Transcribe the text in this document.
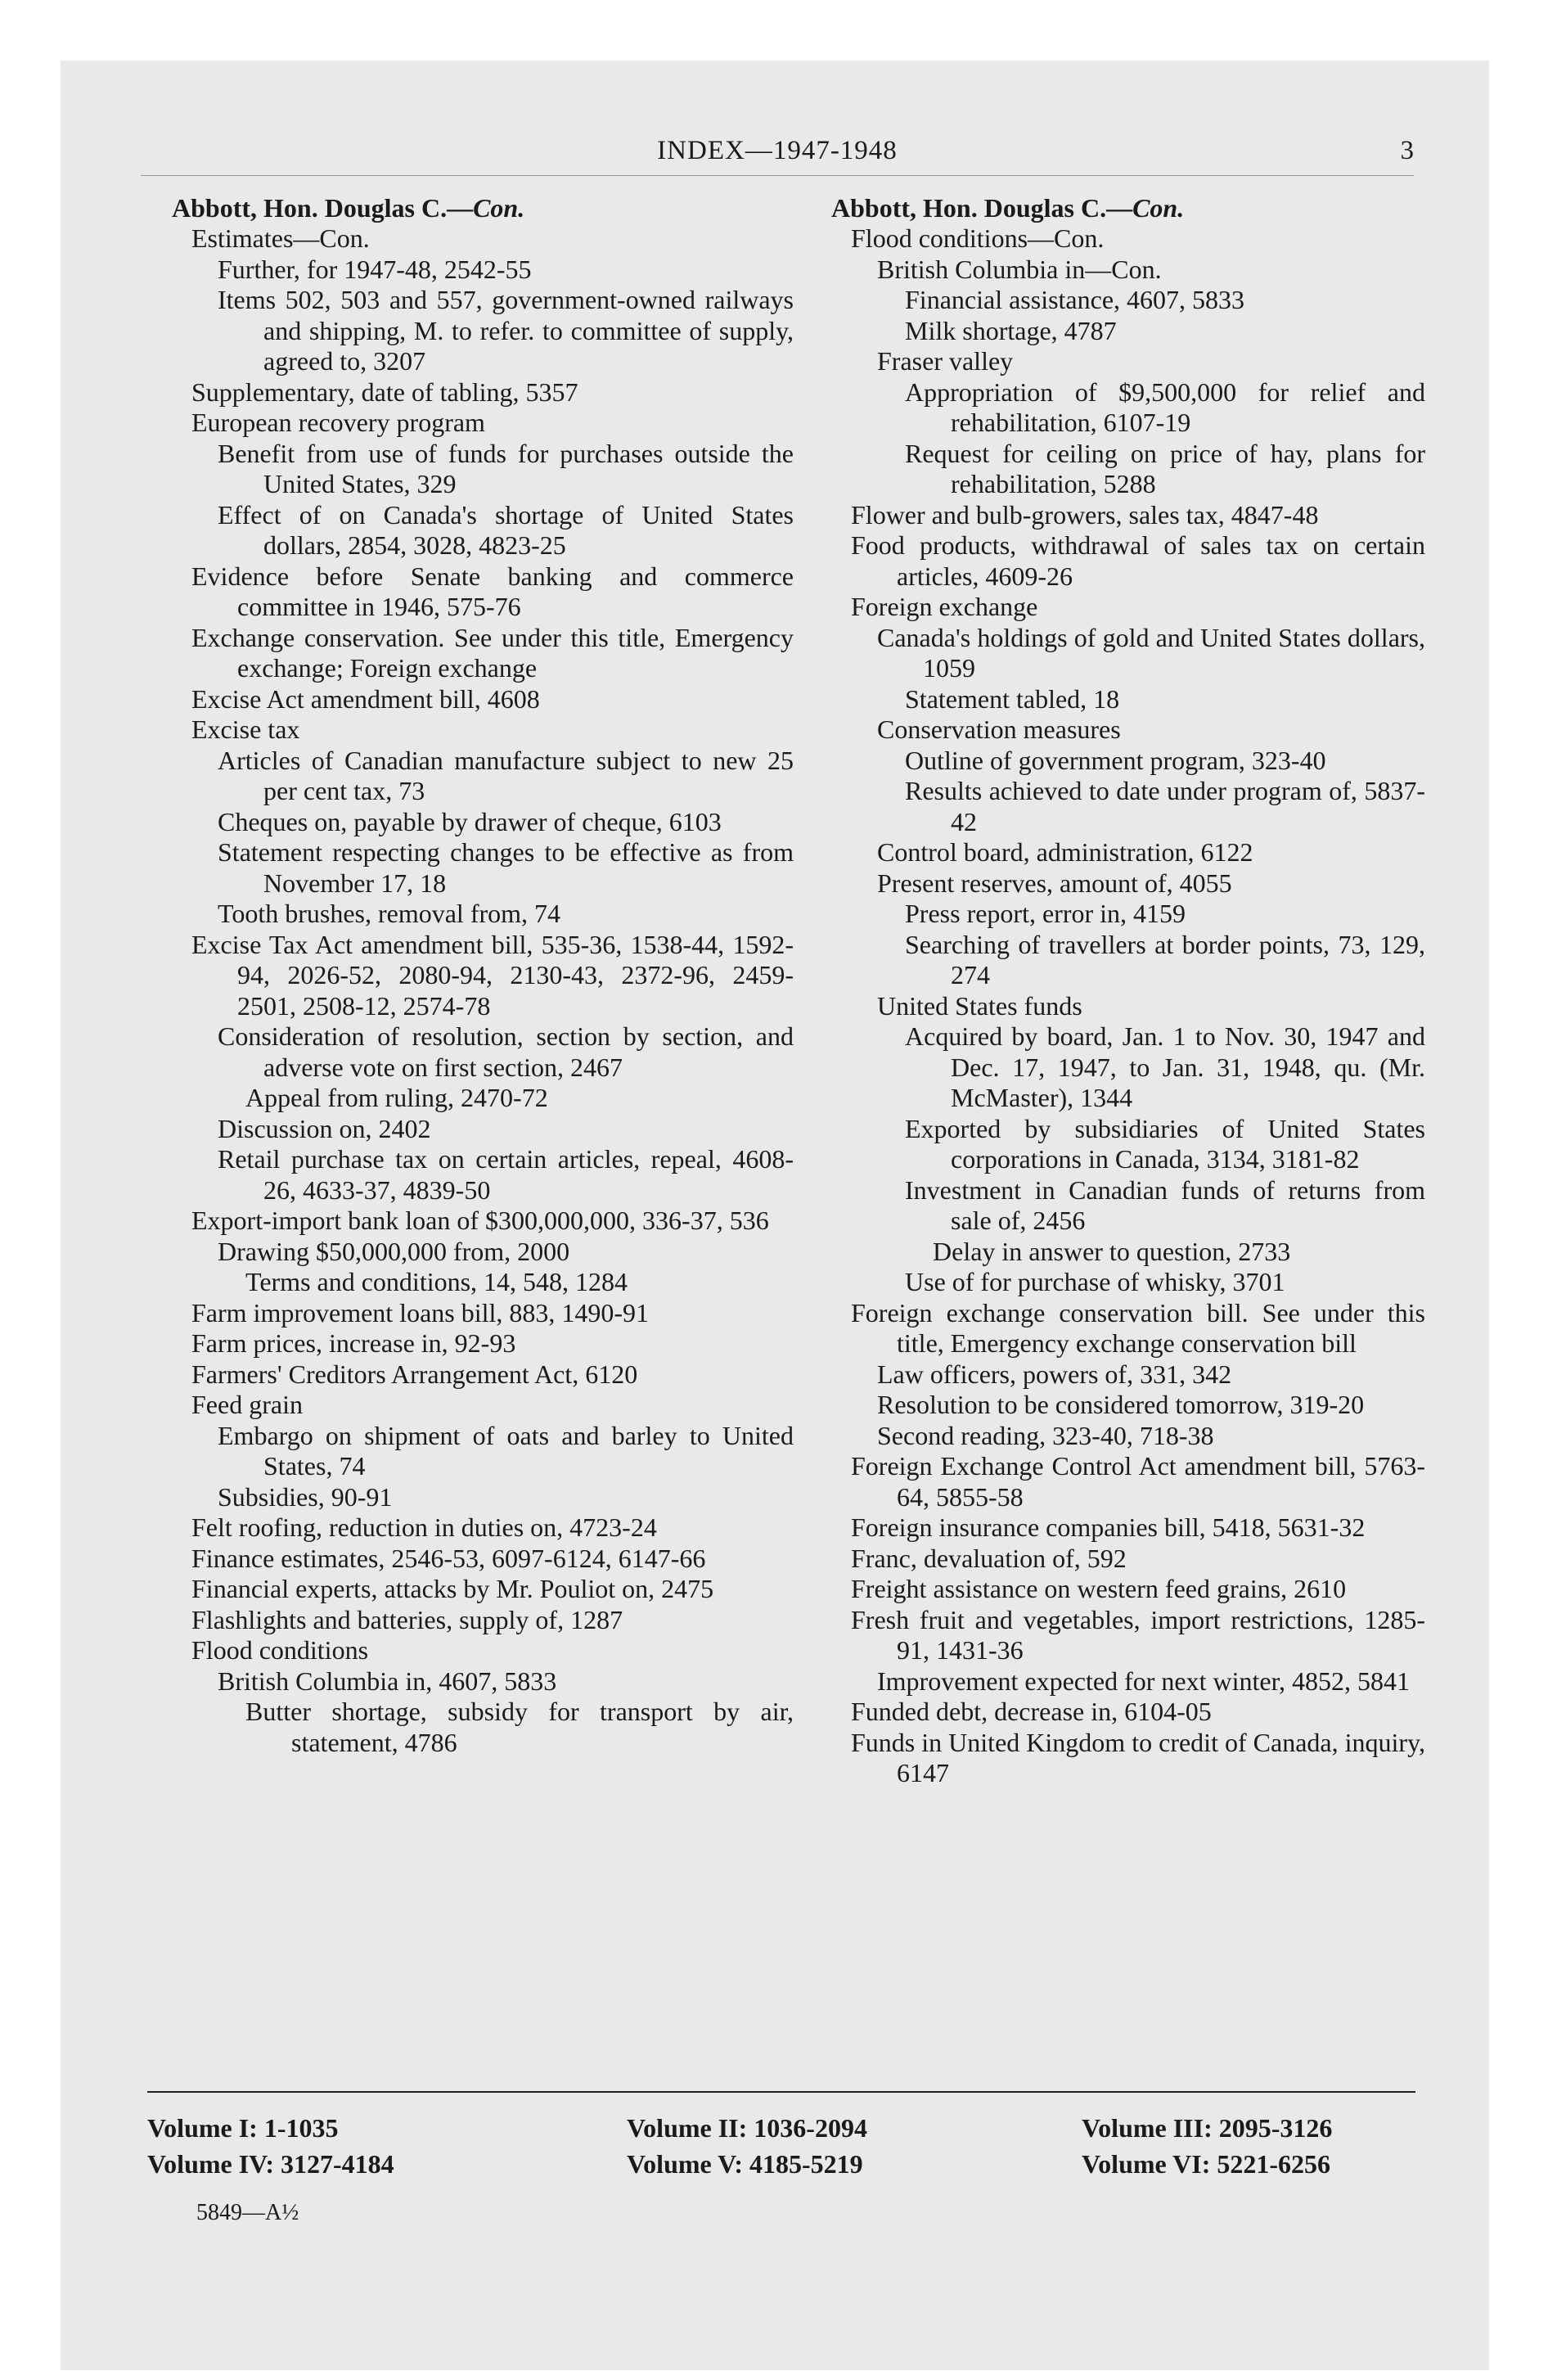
INDEX—1947-1948	3

Abbott, Hon. Douglas C.—Con.

Estimates—Con.

Further, for 1947-48, 2542-55

Items 502, 503 and 557, government-owned railways and shipping, M. to refer. to committee of supply, agreed to, 3207

Supplementary, date of tabling, 5357

European recovery program

Benefit from use of funds for purchases outside the United States, 329

Effect of on Canada's shortage of United States dollars, 2854, 3028, 4823-25

Evidence before Senate banking and commerce committee in 1946, 575-76

Exchange conservation. See under this title, Emergency exchange; Foreign exchange

Excise Act amendment bill, 4608

Excise tax

Articles of Canadian manufacture subject to new 25 per cent tax, 73

Cheques on, payable by drawer of cheque, 6103

Statement respecting changes to be effective as from November 17, 18

Tooth brushes, removal from, 74

Excise Tax Act amendment bill, 535-36, 1538-44, 1592-94, 2026-52, 2080-94, 2130-43, 2372-96, 2459-2501, 2508-12, 2574-78

Consideration of resolution, section by section, and adverse vote on first section, 2467

Appeal from ruling, 2470-72

Discussion on, 2402

Retail purchase tax on certain articles, repeal, 4608-26, 4633-37, 4839-50

Export-import bank loan of $300,000,000, 336-37, 536

Drawing $50,000,000 from, 2000

Terms and conditions, 14, 548, 1284

Farm improvement loans bill, 883, 1490-91

Farm prices, increase in, 92-93

Farmers' Creditors Arrangement Act, 6120

Feed grain

Embargo on shipment of oats and barley to United States, 74

Subsidies, 90-91

Felt roofing, reduction in duties on, 4723-24

Finance estimates, 2546-53, 6097-6124, 6147-66

Financial experts, attacks by Mr. Pouliot on, 2475

Flashlights and batteries, supply of, 1287

Flood conditions

British Columbia in, 4607, 5833

Butter shortage, subsidy for transport by air, statement, 4786

Abbott, Hon. Douglas C.—Con.

Flood conditions—Con.

British Columbia in—Con.

Financial assistance, 4607, 5833

Milk shortage, 4787

Fraser valley

Appropriation of $9,500,000 for relief and rehabilitation, 6107-19

Request for ceiling on price of hay, plans for rehabilitation, 5288

Flower and bulb-growers, sales tax, 4847-48

Food products, withdrawal of sales tax on certain articles, 4609-26

Foreign exchange

Canada's holdings of gold and United States dollars, 1059

Statement tabled, 18

Conservation measures

Outline of government program, 323-40

Results achieved to date under program of, 5837-42

Control board, administration, 6122

Present reserves, amount of, 4055

Press report, error in, 4159

Searching of travellers at border points, 73, 129, 274

United States funds

Acquired by board, Jan. 1 to Nov. 30, 1947 and Dec. 17, 1947, to Jan. 31, 1948, qu. (Mr. McMaster), 1344

Exported by subsidiaries of United States corporations in Canada, 3134, 3181-82

Investment in Canadian funds of returns from sale of, 2456

Delay in answer to question, 2733

Use of for purchase of whisky, 3701

Foreign exchange conservation bill. See under this title, Emergency exchange conservation bill

Law officers, powers of, 331, 342

Resolution to be considered tomorrow, 319-20

Second reading, 323-40, 718-38

Foreign Exchange Control Act amendment bill, 5763-64, 5855-58

Foreign insurance companies bill, 5418, 5631-32

Franc, devaluation of, 592

Freight assistance on western feed grains, 2610

Fresh fruit and vegetables, import restrictions, 1285-91, 1431-36

Improvement expected for next winter, 4852, 5841

Funded debt, decrease in, 6104-05

Funds in United Kingdom to credit of Canada, inquiry, 6147

Volume I: 1-1035
Volume IV: 3127-4184
Volume II: 1036-2094
Volume V: 4185-5219
Volume III: 2095-3126
Volume VI: 5221-6256
5849—A½
